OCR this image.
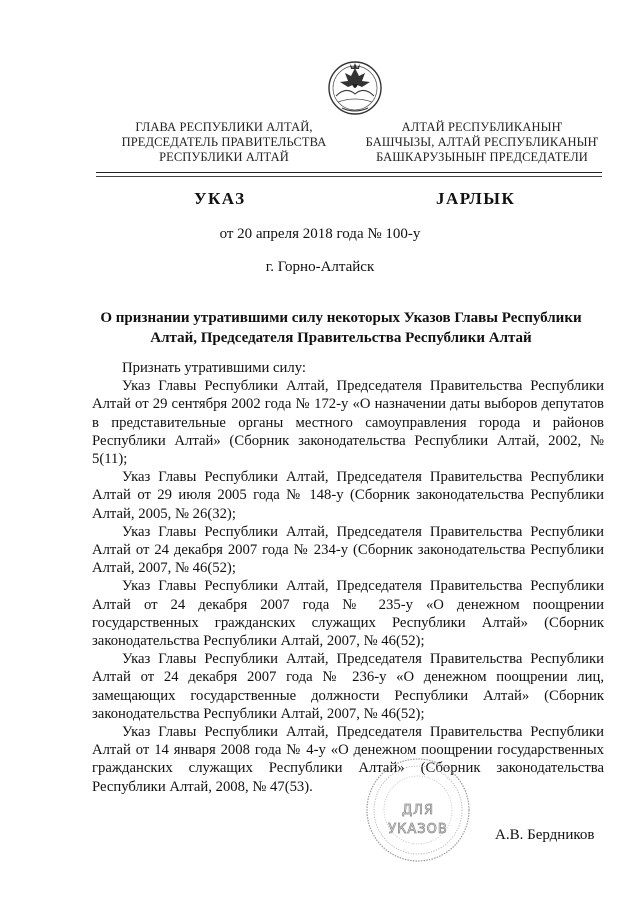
ГЛАВА РЕСПУБЛИКИ АЛТАЙ,
ПРЕДСЕДАТЕЛЬ ПРАВИТЕЛЬСТВА
РЕСПУБЛИКИ АЛТАЙ
АЛТАЙ РЕСПУБЛИКАНЫҤ
БАШЧЫЗЫ, АЛТАЙ РЕСПУБЛИКАНЫҤ
БАШКАРУЗЫНЫҤ ПРЕДСЕДАТЕЛИ
УКАЗ	JАРЛЫК
от 20 апреля 2018 года № 100-у
г. Горно-Алтайск
О признании утратившими силу некоторых Указов Главы Республики Алтай, Председателя Правительства Республики Алтай

Признать утратившими силу:

Указ Главы Республики Алтай, Председателя Правительства Республики Алтай от 29 сентября 2002 года № 172-у «О назначении даты выборов депутатов в представительные органы местного самоуправления города и районов Республики Алтай» (Сборник законодательства Республики Алтай, 2002, № 5(11);

Указ Главы Республики Алтай, Председателя Правительства Республики Алтай от 29 июля 2005 года № 148-у (Сборник законодательства Республики Алтай, 2005, № 26(32);

Указ Главы Республики Алтай, Председателя Правительства Республики Алтай от 24 декабря 2007 года № 234-у (Сборник законодательства Республики Алтай, 2007, № 46(52);

Указ Главы Республики Алтай, Председателя Правительства Республики Алтай от 24 декабря 2007 года № 235-у «О денежном поощрении государственных гражданских служащих Республики Алтай» (Сборник законодательства Республики Алтай, 2007, № 46(52);

Указ Главы Республики Алтай, Председателя Правительства Республики Алтай от 24 декабря 2007 года № 236-у «О денежном поощрении лиц, замещающих государственные должности Республики Алтай» (Сборник законодательства Республики Алтай, 2007, № 46(52);

Указ Главы Республики Алтай, Председателя Правительства Республики Алтай от 14 января 2008 года № 4-у «О денежном поощрении государственных гражданских служащих Республики Алтай» (Сборник законодательства Республики Алтай, 2008, № 47(53).

ДЛЯ
УКАЗОВ	А.В. Бердников
